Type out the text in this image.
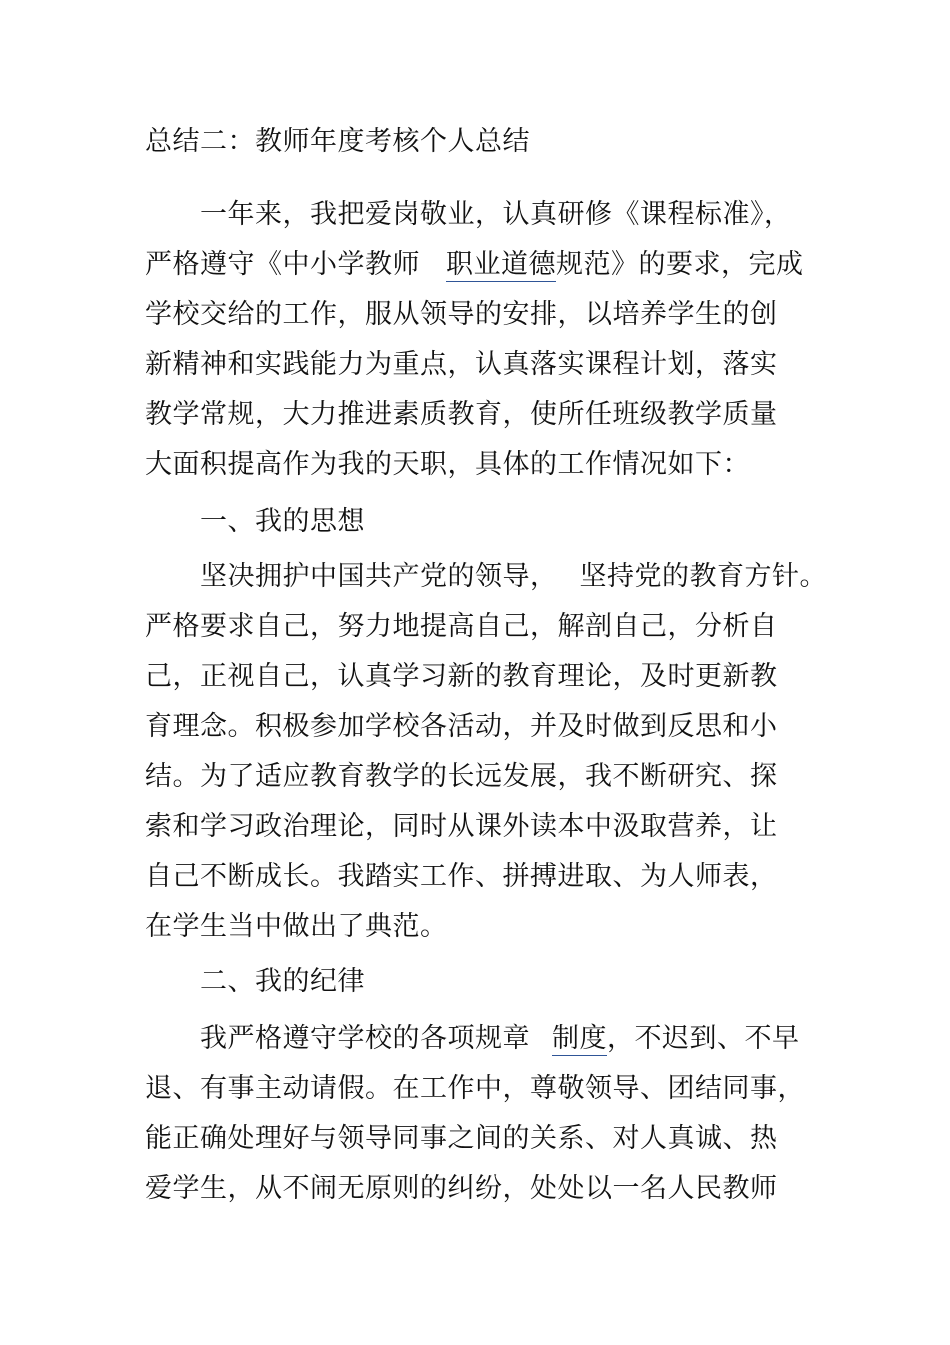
总结二：教师年度考核个人总结
一年来，我把爱岗敬业，认真研修《课程标准》，
严格遵守《中小学教师 职业道德规范》的要求，完成
学校交给的工作，服从领导的安排，以培养学生的创
新精神和实践能力为重点，认真落实课程计划，落实
教学常规，大力推进素质教育，使所任班级教学质量
大面积提高作为我的天职，具体的工作情况如下：
一、我的思想
坚决拥护中国共产党的领导， 坚持党的教育方针。
严格要求自己，努力地提高自己，解剖自己，分析自
己，正视自己，认真学习新的教育理论，及时更新教
育理念。积极参加学校各活动，并及时做到反思和小
结。为了适应教育教学的长远发展，我不断研究、探
索和学习政治理论，同时从课外读本中汲取营养，让
自己不断成长。我踏实工作、拼搏进取、为人师表，
在学生当中做出了典范。
二、我的纪律
我严格遵守学校的各项规章 制度，不迟到、不早
退、有事主动请假。在工作中，尊敬领导、团结同事，
能正确处理好与领导同事之间的关系、对人真诚、热
爱学生，从不闹无原则的纠纷，处处以一名人民教师
